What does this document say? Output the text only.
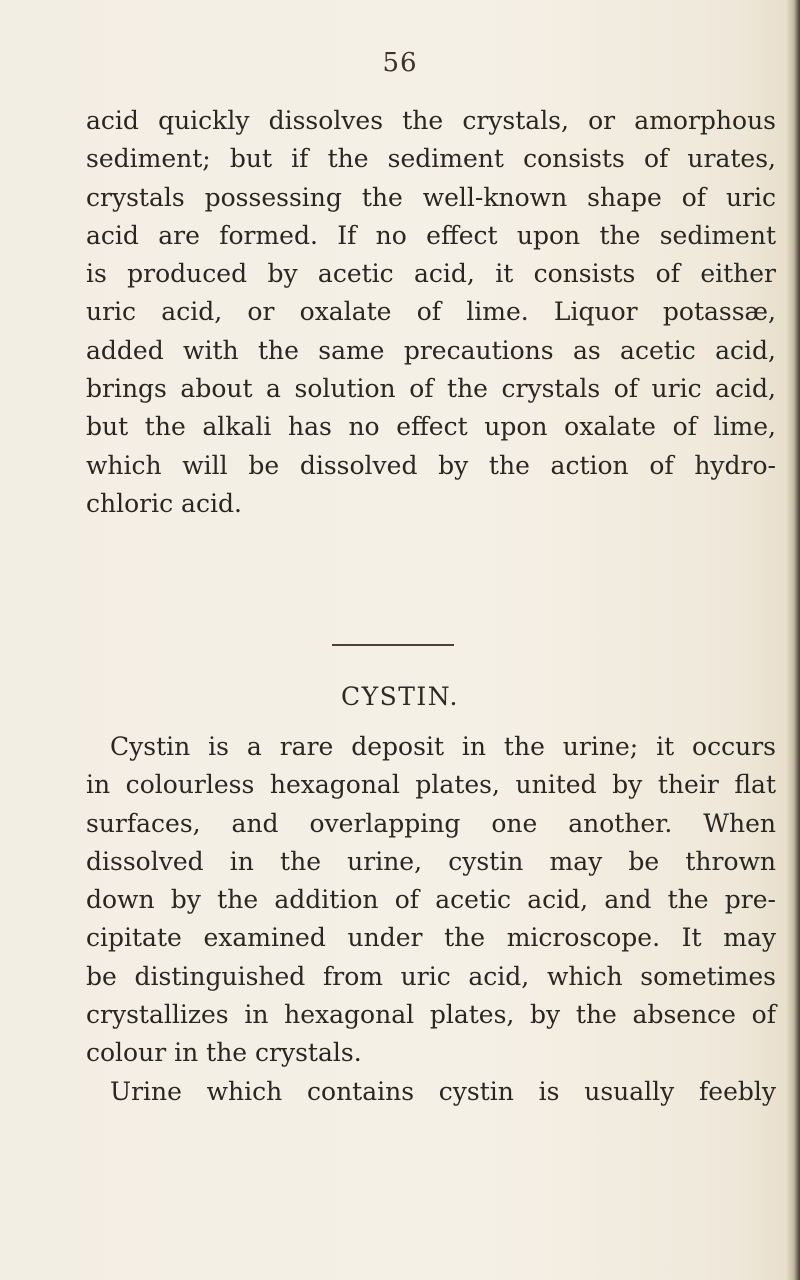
56
acid quickly dissolves the crystals, or amorphous
sediment; but if the sediment consists of urates,
crystals possessing the well-known shape of uric
acid are formed. If no effect upon the sediment
is produced by acetic acid, it consists of either
uric acid, or oxalate of lime. Liquor potassæ,
added with the same precautions as acetic acid,
brings about a solution of the crystals of uric acid,
but the alkali has no effect upon oxalate of lime,
which will be dissolved by the action of hydro-
chloric acid.
CYSTIN.
Cystin is a rare deposit in the urine; it occurs
in colourless hexagonal plates, united by their flat
surfaces, and overlapping one another. When
dissolved in the urine, cystin may be thrown
down by the addition of acetic acid, and the pre-
cipitate examined under the microscope. It may
be distinguished from uric acid, which sometimes
crystallizes in hexagonal plates, by the absence of
colour in the crystals.
Urine which contains cystin is usually feebly
